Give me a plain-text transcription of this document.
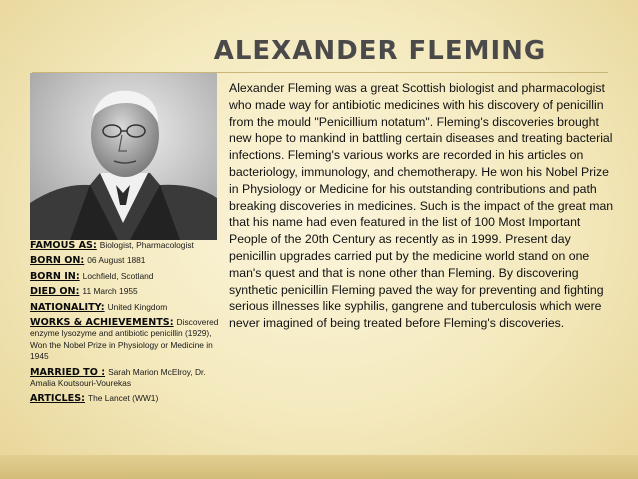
ALEXANDER FLEMING

FAMOUS AS: Biologist, Pharmacologist

BORN ON: 06 August 1881

BORN IN: Lochfield, Scotland

DIED ON: 11 March 1955

NATIONALITY: United Kingdom

WORKS & ACHIEVEMENTS: Discovered enzyme lysozyme and antibiotic penicillin (1929), Won the Nobel Prize in Physiology or Medicine in 1945

MARRIED TO : Sarah Marion McElroy, Dr. Amalia Koutsouri-Vourekas

ARTICLES: The Lancet (WW1)

Alexander Fleming was a great Scottish biologist and pharmacologist who made way for antibiotic medicines with his discovery of penicillin from the mould "Penicillium notatum". Fleming's discoveries brought new hope to mankind in battling certain diseases and treating bacterial infections. Fleming's various works are recorded in his articles on bacteriology, immunology, and chemotherapy. He won his Nobel Prize in Physiology or Medicine for his outstanding contributions and path breaking discoveries in medicines. Such is the impact of the great man that his name had even featured in the list of 100 Most Important People of the 20th Century as recently as in 1999. Present day penicillin upgrades carried put by the medicine world stand on one man's quest and that is none other than Fleming. By discovering synthetic penicillin Fleming paved the way for preventing and fighting serious illnesses like syphilis, gangrene and tuberculosis which were never imagined of being treated before Fleming's discoveries.
